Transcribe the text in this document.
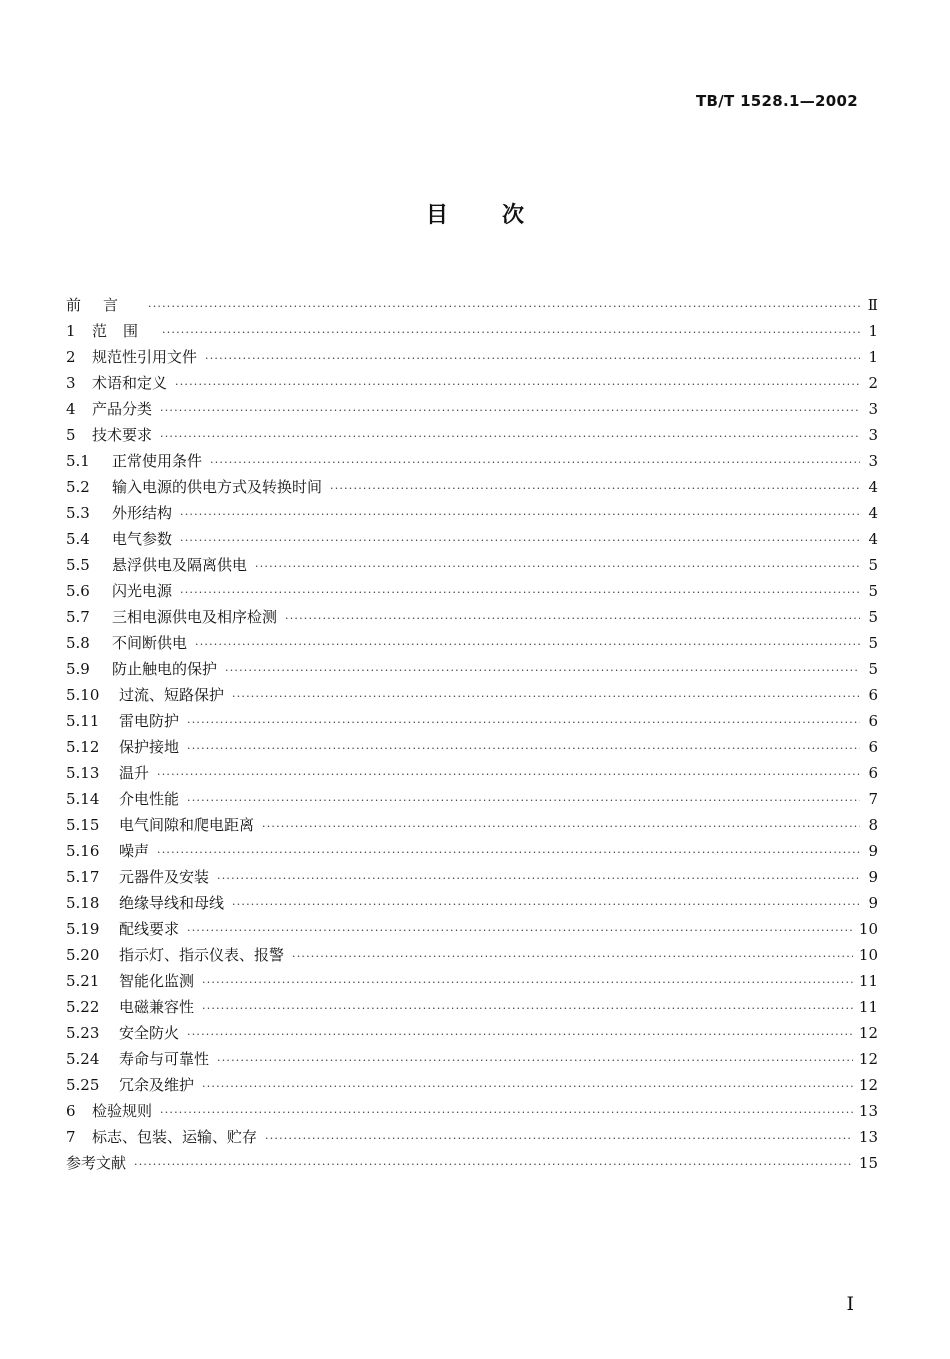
TB/T 1528.1—2002
目次
前言 ·····	Ⅱ
1	范围 ·····	1
2	规范性引用文件 ·····	1
3	术语和定义 ·····	2
4	产品分类 ·····	3
5	技术要求 ·····	3
5.1	正常使用条件 ·····	3
5.2	输入电源的供电方式及转换时间 ·····	4
5.3	外形结构 ·····	4
5.4	电气参数 ·····	4
5.5	悬浮供电及隔离供电 ·····	5
5.6	闪光电源 ·····	5
5.7	三相电源供电及相序检测 ·····	5
5.8	不间断供电 ·····	5
5.9	防止触电的保护 ·····	5
5.10	过流、短路保护 ·····	6
5.11	雷电防护 ·····	6
5.12	保护接地 ·····	6
5.13	温升 ·····	6
5.14	介电性能 ·····	7
5.15	电气间隙和爬电距离 ·····	8
5.16	噪声 ·····	9
5.17	元器件及安装 ·····	9
5.18	绝缘导线和母线 ·····	9
5.19	配线要求 ·····	10
5.20	指示灯、指示仪表、报警 ·····	10
5.21	智能化监测 ·····	11
5.22	电磁兼容性 ·····	11
5.23	安全防火 ·····	12
5.24	寿命与可靠性 ·····	12
5.25	冗余及维护 ·····	12
6	检验规则 ·····	13
7	标志、包装、运输、贮存 ·····	13
参考文献 ·····	15
I
